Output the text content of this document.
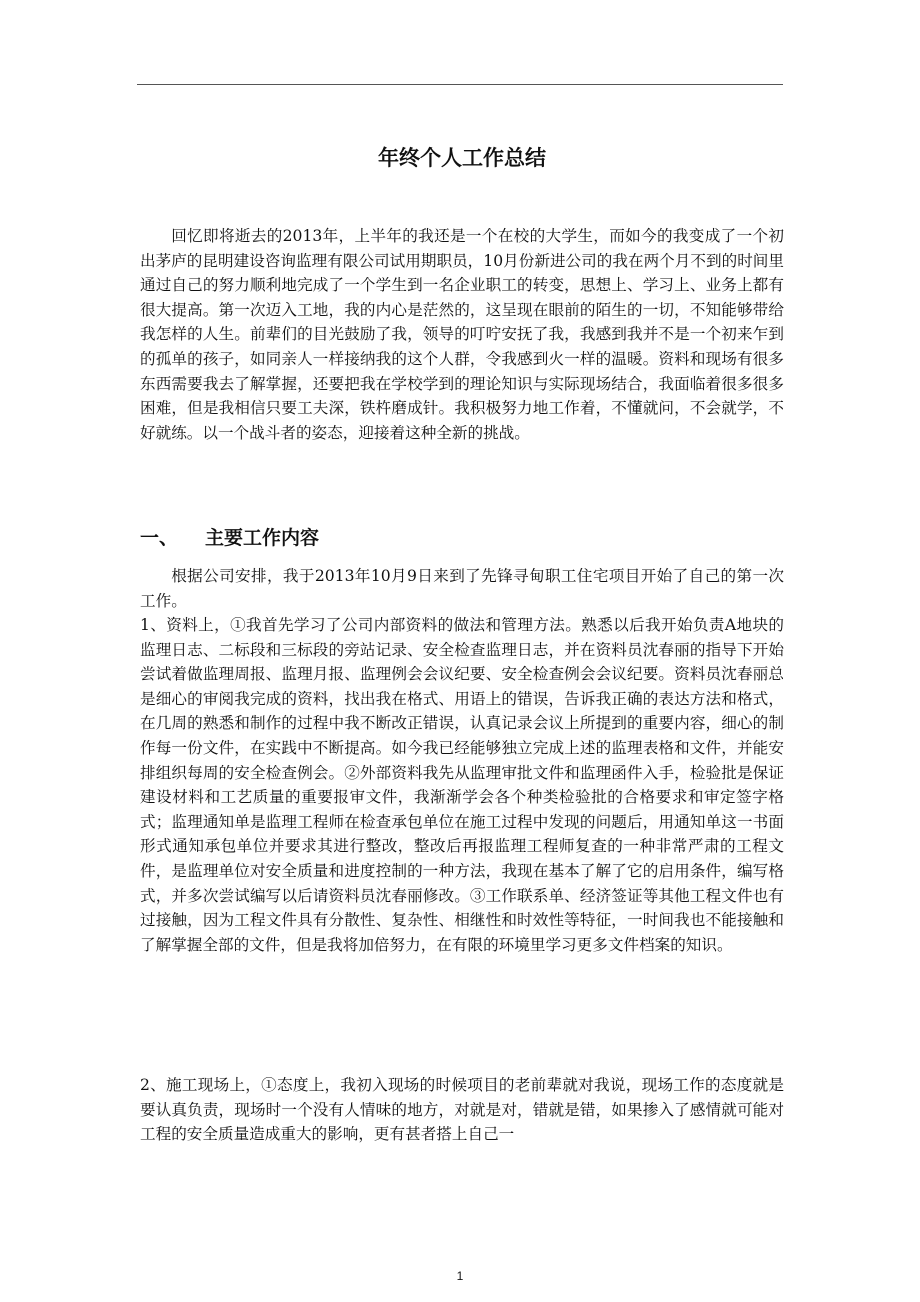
年终个人工作总结

回忆即将逝去的2013年，上半年的我还是一个在校的大学生，而如今的我变成了一个初出茅庐的昆明建设咨询监理有限公司试用期职员，10月份新进公司的我在两个月不到的时间里通过自己的努力顺利地完成了一个学生到一名企业职工的转变，思想上、学习上、业务上都有很大提高。第一次迈入工地，我的内心是茫然的，这呈现在眼前的陌生的一切，不知能够带给我怎样的人生。前辈们的目光鼓励了我，领导的叮咛安抚了我，我感到我并不是一个初来乍到的孤单的孩子，如同亲人一样接纳我的这个人群，令我感到火一样的温暖。资料和现场有很多东西需要我去了解掌握，还要把我在学校学到的理论知识与实际现场结合，我面临着很多很多困难，但是我相信只要工夫深，铁杵磨成针。我积极努力地工作着，不懂就问，不会就学，不好就练。以一个战斗者的姿态，迎接着这种全新的挑战。

一、 主要工作内容

根据公司安排，我于2013年10月9日来到了先锋寻甸职工住宅项目开始了自己的第一次工作。

1、资料上，①我首先学习了公司内部资料的做法和管理方法。熟悉以后我开始负责A地块的监理日志、二标段和三标段的旁站记录、安全检查监理日志，并在资料员沈春丽的指导下开始尝试着做监理周报、监理月报、监理例会会议纪要、安全检查例会会议纪要。资料员沈春丽总是细心的审阅我完成的资料，找出我在格式、用语上的错误，告诉我正确的表达方法和格式，在几周的熟悉和制作的过程中我不断改正错误，认真记录会议上所提到的重要内容，细心的制作每一份文件，在实践中不断提高。如今我已经能够独立完成上述的监理表格和文件，并能安排组织每周的安全检查例会。②外部资料我先从监理审批文件和监理函件入手，检验批是保证建设材料和工艺质量的重要报审文件，我渐渐学会各个种类检验批的合格要求和审定签字格式；监理通知单是监理工程师在检查承包单位在施工过程中发现的问题后，用通知单这一书面形式通知承包单位并要求其进行整改，整改后再报监理工程师复查的一种非常严肃的工程文件，是监理单位对安全质量和进度控制的一种方法，我现在基本了解了它的启用条件，编写格式，并多次尝试编写以后请资料员沈春丽修改。③工作联系单、经济签证等其他工程文件也有过接触，因为工程文件具有分散性、复杂性、相继性和时效性等特征，一时间我也不能接触和了解掌握全部的文件，但是我将加倍努力，在有限的环境里学习更多文件档案的知识。

2、施工现场上，①态度上，我初入现场的时候项目的老前辈就对我说，现场工作的态度就是要认真负责，现场时一个没有人情味的地方，对就是对，错就是错，如果掺入了感情就可能对工程的安全质量造成重大的影响，更有甚者搭上自己一

1
